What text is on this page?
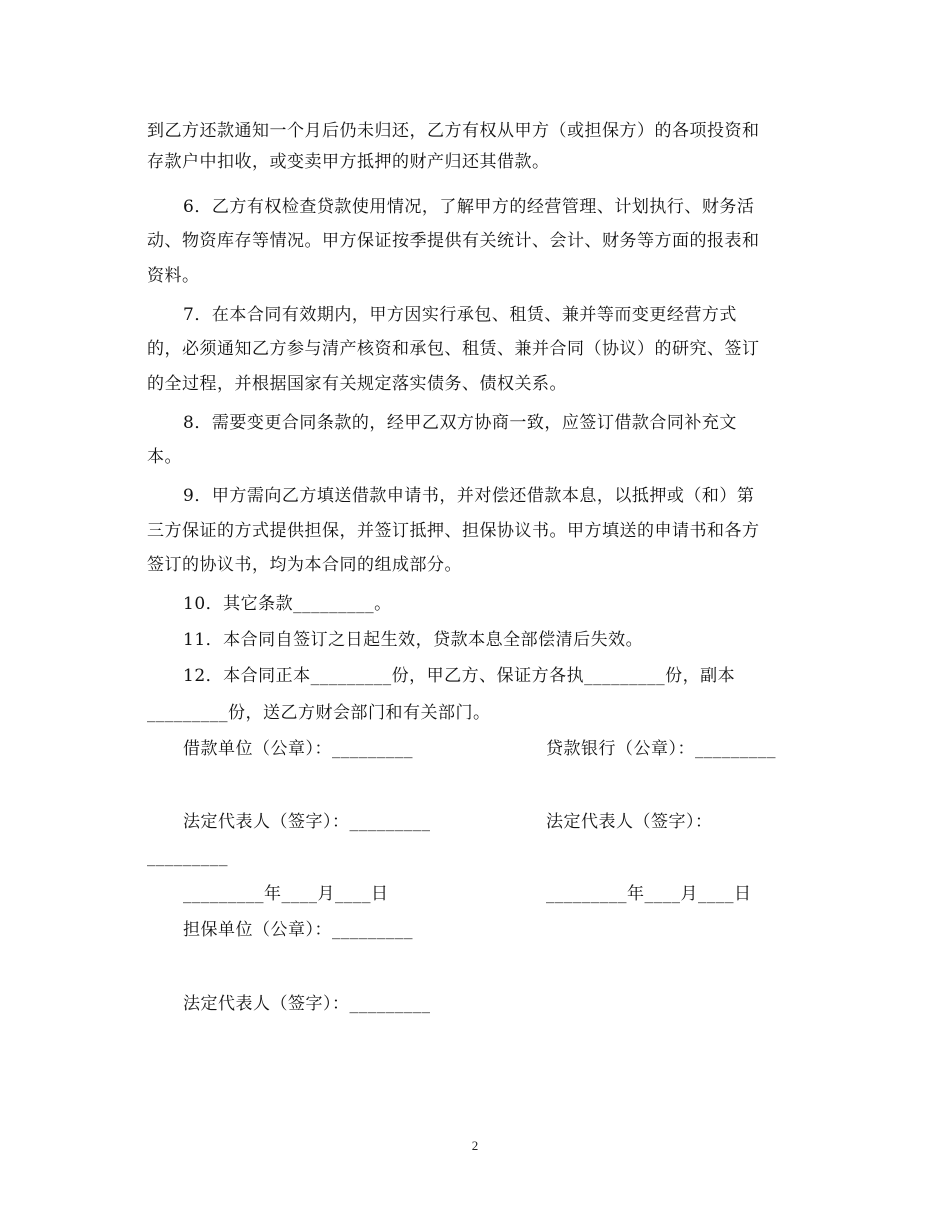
到乙方还款通知一个月后仍未归还，乙方有权从甲方（或担保方）的各项投资和
存款户中扣收，或变卖甲方抵押的财产归还其借款。
6．乙方有权检查贷款使用情况，了解甲方的经营管理、计划执行、财务活
动、物资库存等情况。甲方保证按季提供有关统计、会计、财务等方面的报表和
资料。
7．在本合同有效期内，甲方因实行承包、租赁、兼并等而变更经营方式
的，必须通知乙方参与清产核资和承包、租赁、兼并合同（协议）的研究、签订
的全过程，并根据国家有关规定落实债务、债权关系。
8．需要变更合同条款的，经甲乙双方协商一致，应签订借款合同补充文
本。
9．甲方需向乙方填送借款申请书，并对偿还借款本息，以抵押或（和）第
三方保证的方式提供担保，并签订抵押、担保协议书。甲方填送的申请书和各方
签订的协议书，均为本合同的组成部分。
10．其它条款_________。
11．本合同自签订之日起生效，贷款本息全部偿清后失效。
12．本合同正本_________份，甲乙方、保证方各执_________份，副本
_________份，送乙方财会部门和有关部门。
借款单位（公章）：_________	贷款银行（公章）：_________
法定代表人（签字）：_________	法定代表人（签字）：
_________
_________年____月____日	_________年____月____日
担保单位（公章）：_________
法定代表人（签字）：_________
2
